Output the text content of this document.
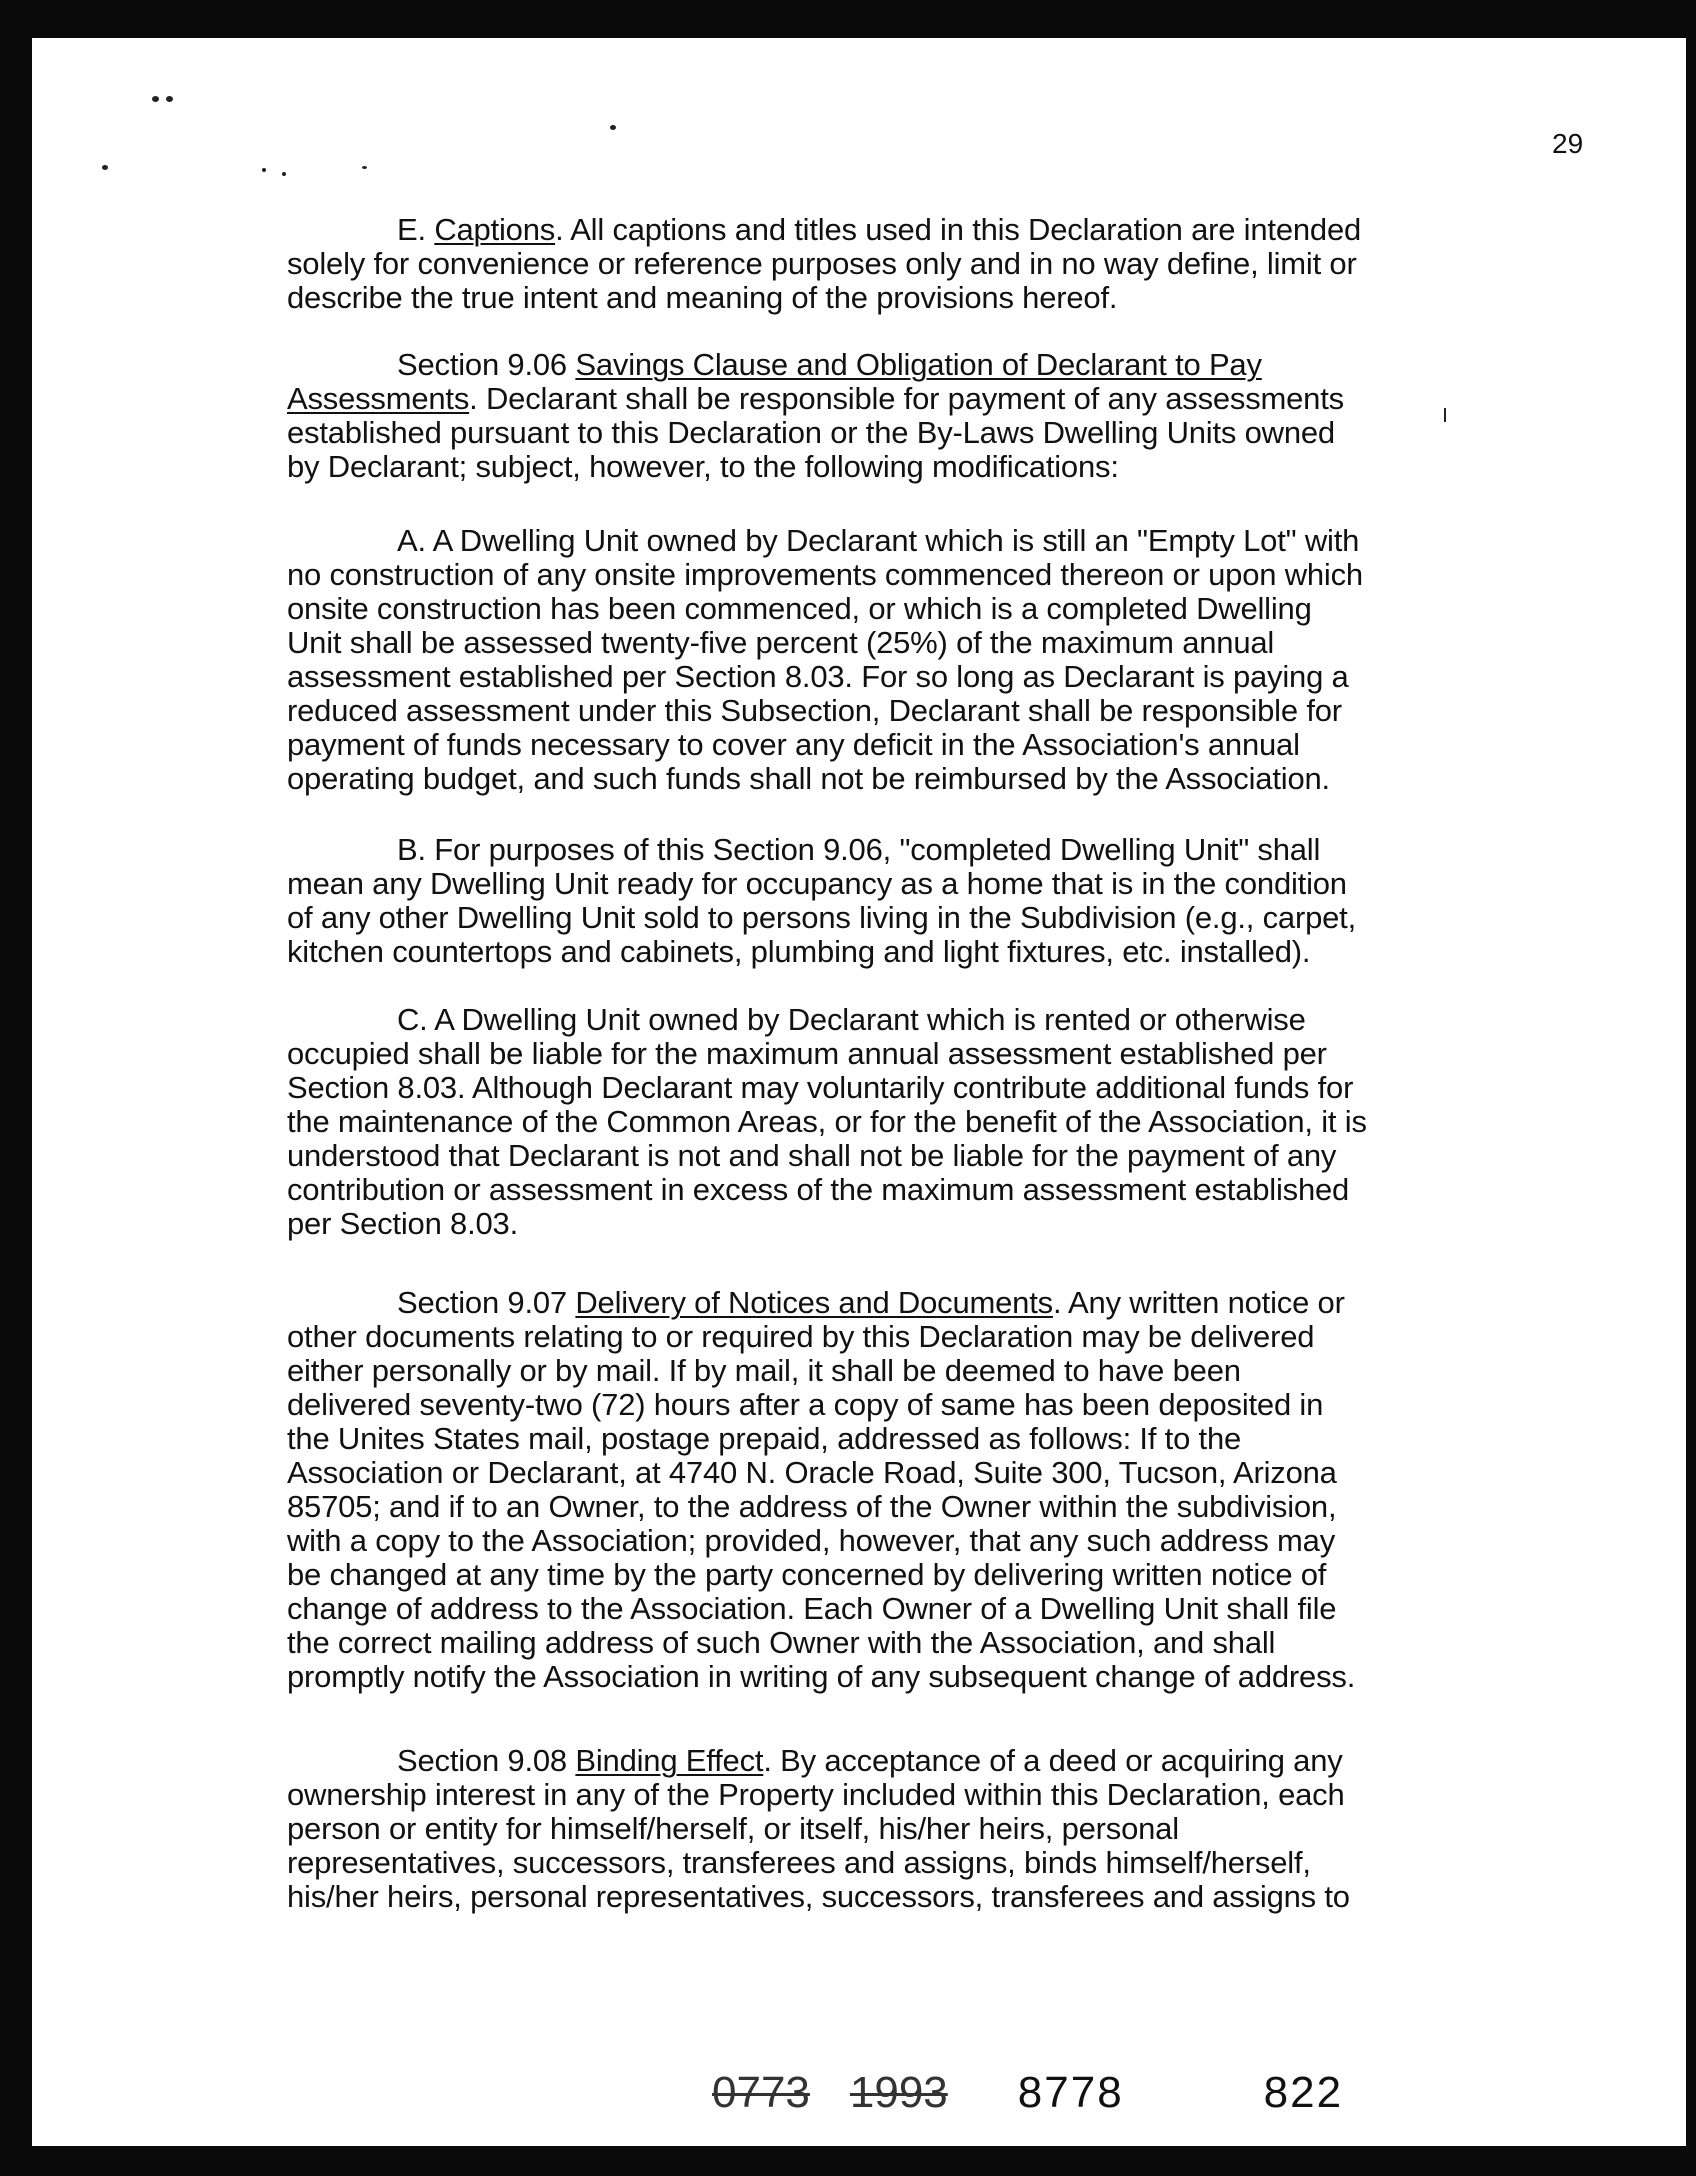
29
E. Captions. All captions and titles used in this Declaration are intended
solely for convenience or reference purposes only and in no way define, limit or
describe the true intent and meaning of the provisions hereof.
Section 9.06 Savings Clause and Obligation of Declarant to Pay
Assessments. Declarant shall be responsible for payment of any assessments
established pursuant to this Declaration or the By-Laws Dwelling Units owned
by Declarant; subject, however, to the following modifications:
A. A Dwelling Unit owned by Declarant which is still an "Empty Lot" with
no construction of any onsite improvements commenced thereon or upon which
onsite construction has been commenced, or which is a completed Dwelling
Unit shall be assessed twenty-five percent (25%) of the maximum annual
assessment established per Section 8.03. For so long as Declarant is paying a
reduced assessment under this Subsection, Declarant shall be responsible for
payment of funds necessary to cover any deficit in the Association's annual
operating budget, and such funds shall not be reimbursed by the Association.
B. For purposes of this Section 9.06, "completed Dwelling Unit" shall
mean any Dwelling Unit ready for occupancy as a home that is in the condition
of any other Dwelling Unit sold to persons living in the Subdivision (e.g., carpet,
kitchen countertops and cabinets, plumbing and light fixtures, etc. installed).
C. A Dwelling Unit owned by Declarant which is rented or otherwise
occupied shall be liable for the maximum annual assessment established per
Section 8.03. Although Declarant may voluntarily contribute additional funds for
the maintenance of the Common Areas, or for the benefit of the Association, it is
understood that Declarant is not and shall not be liable for the payment of any
contribution or assessment in excess of the maximum assessment established
per Section 8.03.
Section 9.07 Delivery of Notices and Documents. Any written notice or
other documents relating to or required by this Declaration may be delivered
either personally or by mail. If by mail, it shall be deemed to have been
delivered seventy-two (72) hours after a copy of same has been deposited in
the Unites States mail, postage prepaid, addressed as follows: If to the
Association or Declarant, at 4740 N. Oracle Road, Suite 300, Tucson, Arizona
85705; and if to an Owner, to the address of the Owner within the subdivision,
with a copy to the Association; provided, however, that any such address may
be changed at any time by the party concerned by delivering written notice of
change of address to the Association. Each Owner of a Dwelling Unit shall file
the correct mailing address of such Owner with the Association, and shall
promptly notify the Association in writing of any subsequent change of address.
Section 9.08 Binding Effect. By acceptance of a deed or acquiring any
ownership interest in any of the Property included within this Declaration, each
person or entity for himself/herself, or itself, his/her heirs, personal
representatives, successors, transferees and assigns, binds himself/herself,
his/her heirs, personal representatives, successors, transferees and assigns to
0773 1993 8778	822
